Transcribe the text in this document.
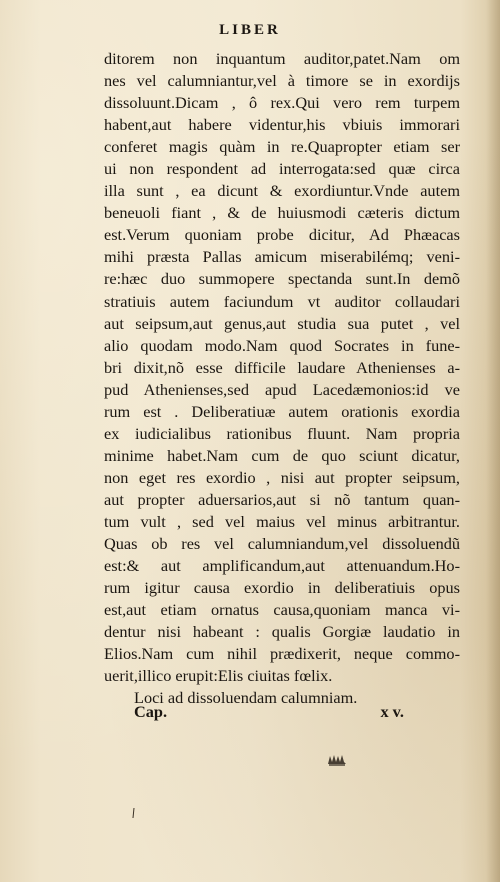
LIBER
ditorem non inquantum auditor,patet.Nam om
nes vel calumniantur,vel à timore se in exordijs
dissoluunt.Dicam , ô rex.Qui vero rem turpem
habent,aut habere videntur,his vbiuis immorari
conferet magis quàm in re.Quapropter etiam ser
ui non respondent ad interrogata:sed quæ circa
illa sunt , ea dicunt & exordiuntur.Vnde autem
beneuoli fiant , & de huiusmodi cæteris dictum
est.Verum quoniam probe dicitur, Ad Phæacas
mihi præsta Pallas amicum miserabilémq; veni-
re:hæc duo summopere spectanda sunt.In demõ
stratiuis autem faciundum vt auditor collaudari
aut seipsum,aut genus,aut studia sua putet , vel
alio quodam modo.Nam quod Socrates in fune-
bri dixit,nõ esse difficile laudare Athenienses a-
pud Athenienses,sed apud Lacedæmonios:id ve
rum est . Deliberatiuæ autem orationis exordia
ex iudicialibus rationibus fluunt. Nam propria
minime habet.Nam cum de quo sciunt dicatur,
non eget res exordio , nisi aut propter seipsum,
aut propter aduersarios,aut si nõ tantum quan-
tum vult , sed vel maius vel minus arbitrantur.
Quas ob res vel calumniandum,vel dissoluendũ
est:& aut amplificandum,aut attenuandum.Ho-
rum igitur causa exordio in deliberatiuis opus
est,aut etiam ornatus causa,quoniam manca vi-
dentur nisi habeant : qualis Gorgiæ laudatio in
Elios.Nam cum nihil prædixerit, neque commo-
uerit,illico erupit:Elis ciuitas fœlix.
Loci ad dissoluendam calumniam.
Cap.	x v.
